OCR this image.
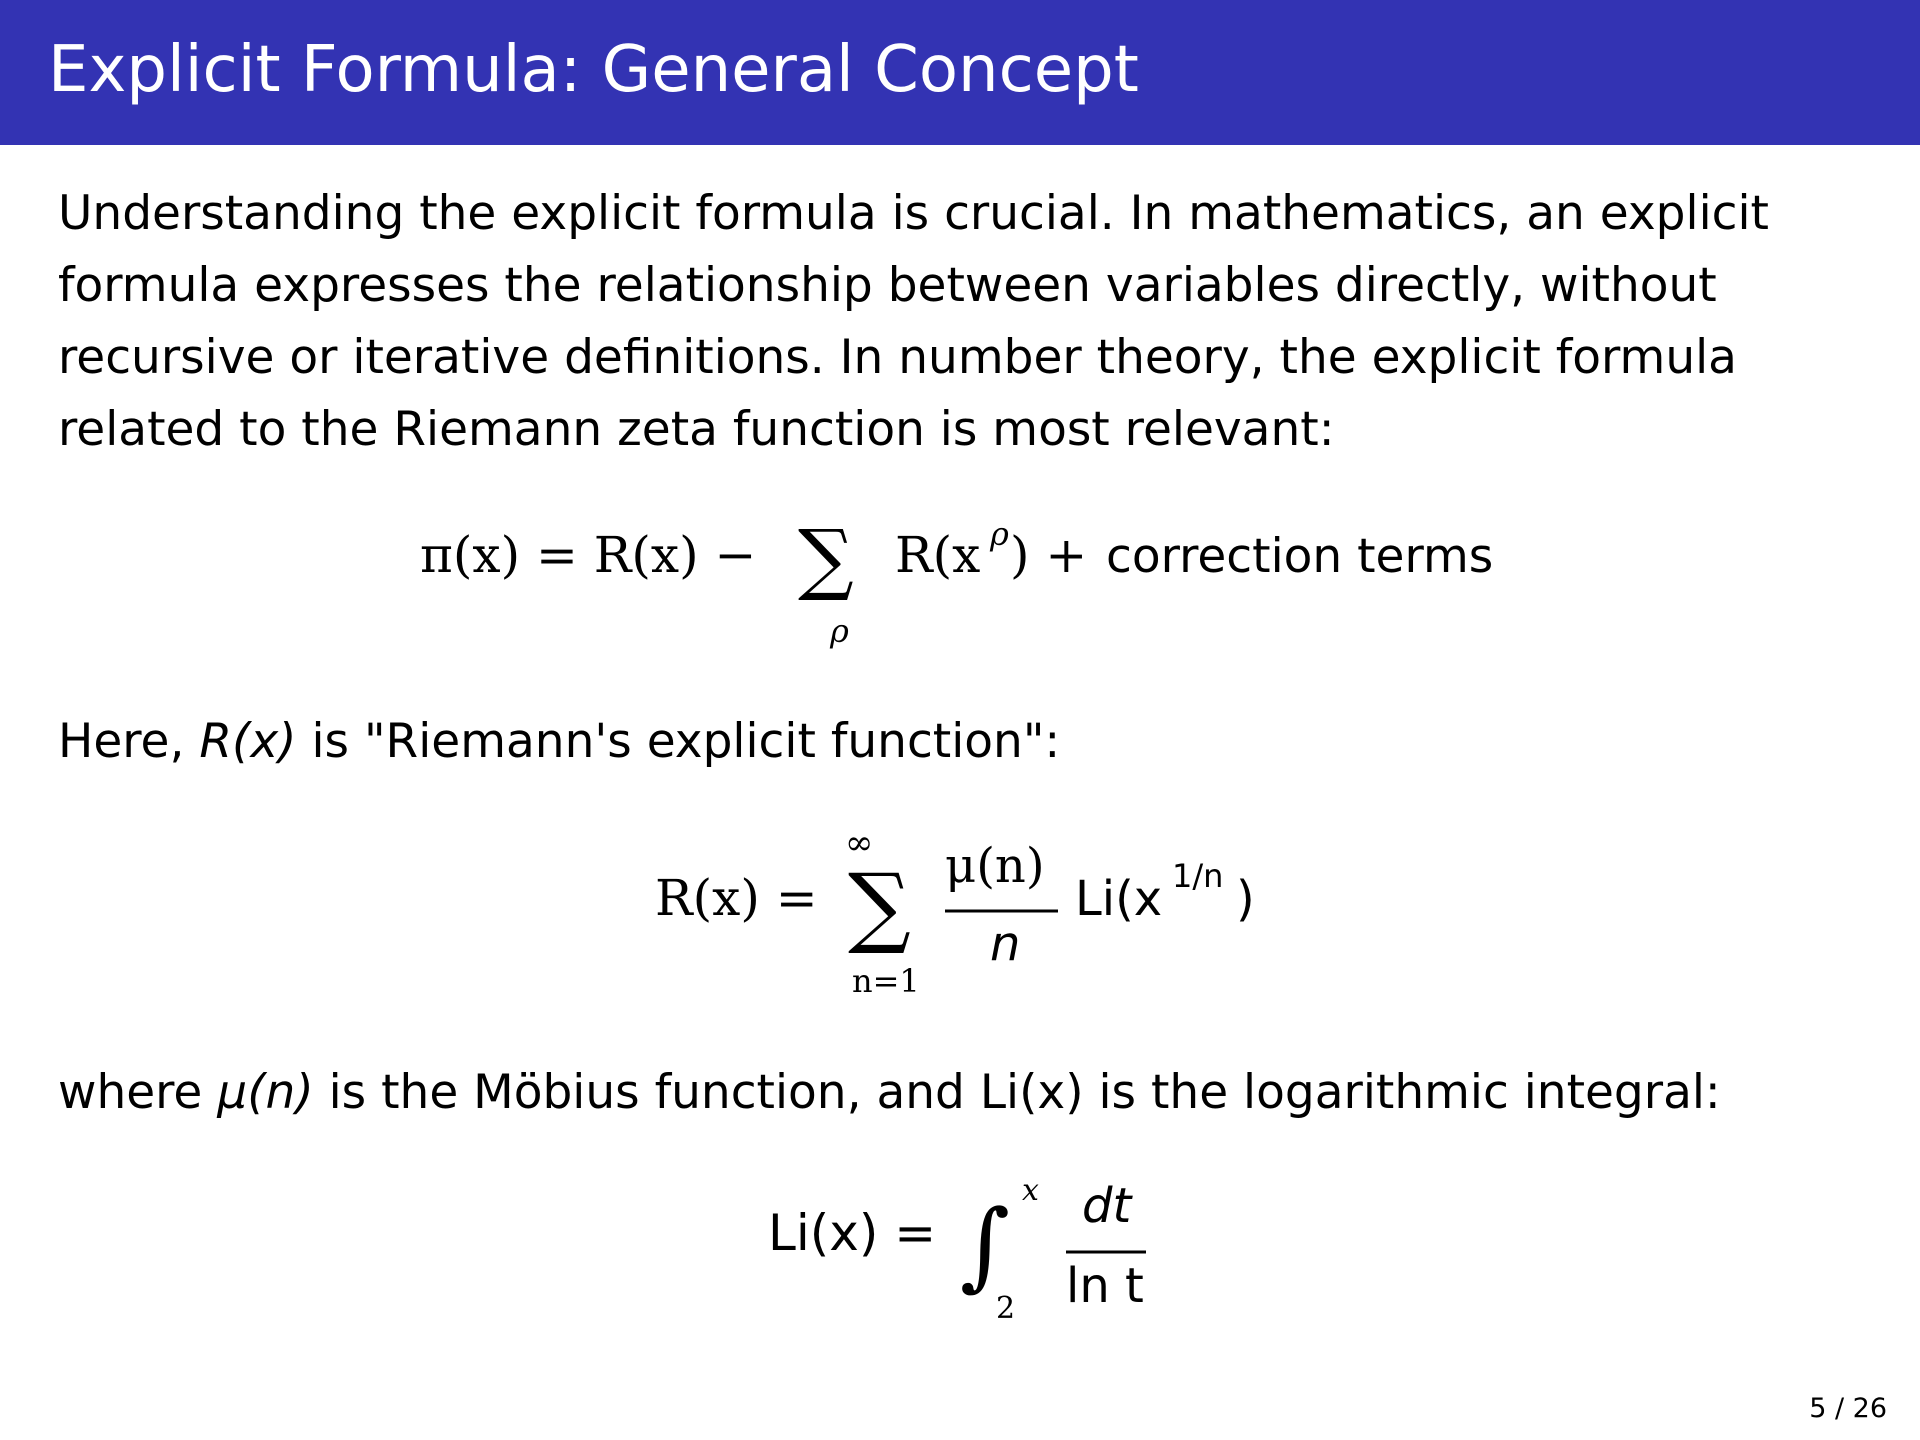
Explicit Formula: General Concept
Understanding the explicit formula is crucial. In mathematics, an explicit
formula expresses the relationship between variables directly, without
recursive or iterative definitions. In number theory, the explicit formula
related to the Riemann zeta function is most relevant:
π(x) = R(x) − ∑
ρ
R(x ρ ) + correction terms
Here, R(x) is "Riemann's explicit function":
R(x) =
∞
∑
n=1
μ(n)
n
Li(x 1/n )
where μ(n) is the Möbius function, and Li(x) is the logarithmic integral:
Li(x) = ∫ x
2
dt
ln t
5 / 26
